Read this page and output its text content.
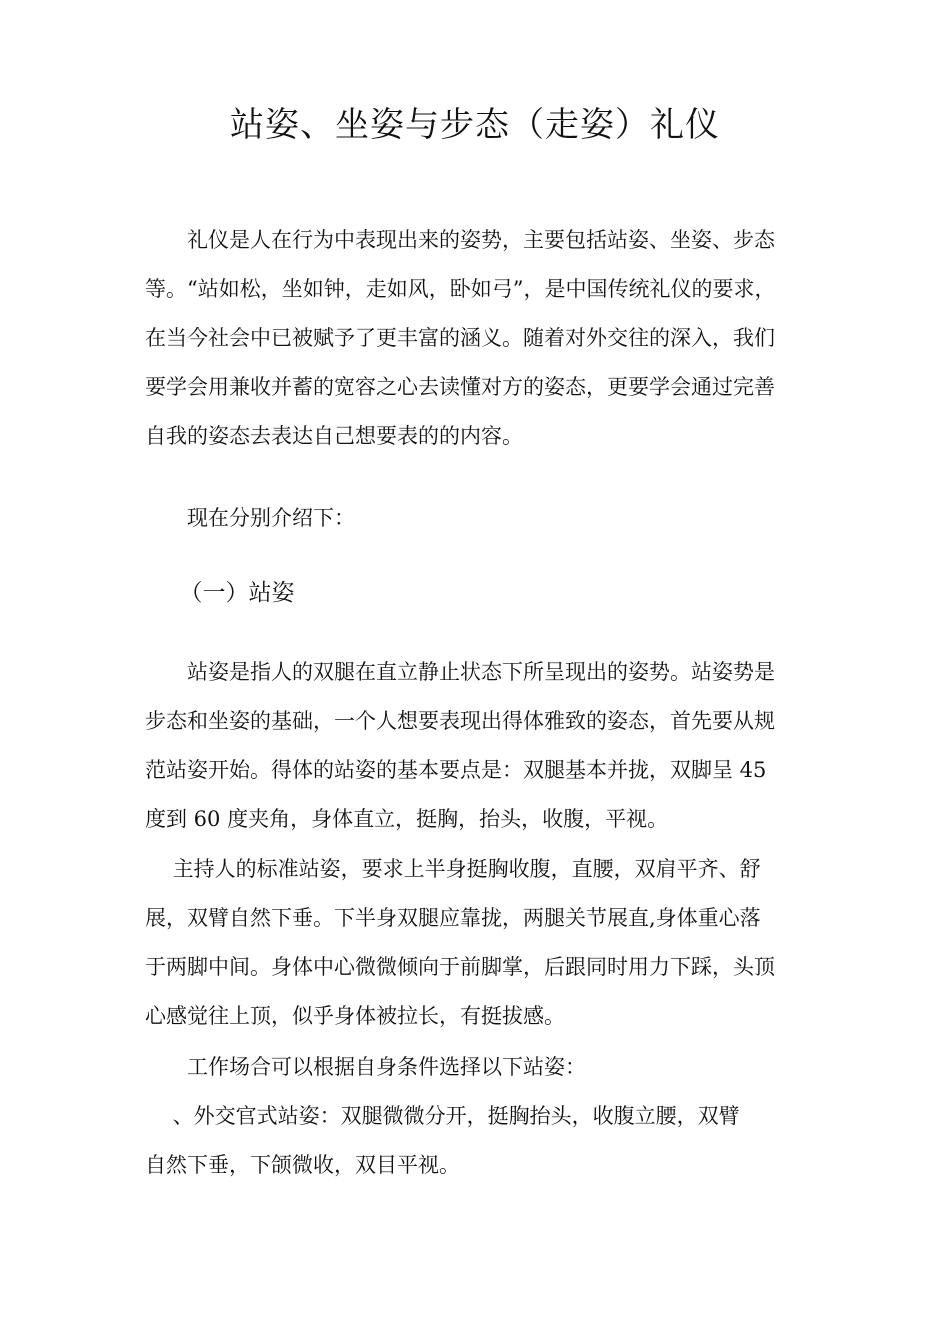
站姿、坐姿与步态（走姿）礼仪
　　礼仪是人在行为中表现出来的姿势，主要包括站姿、坐姿、步态
等。“站如松，坐如钟，走如风，卧如弓”，是中国传统礼仪的要求，
在当今社会中已被赋予了更丰富的涵义。随着对外交往的深入，我们
要学会用兼收并蓄的宽容之心去读懂对方的姿态，更要学会通过完善
自我的姿态去表达自己想要表的的内容。
　　现在分别介绍下：
　　（一）站姿
　　站姿是指人的双腿在直立静止状态下所呈现出的姿势。站姿势是
步态和坐姿的基础，一个人想要表现出得体雅致的姿态，首先要从规
范站姿开始。得体的站姿的基本要点是：双腿基本并拢，双脚呈 45
度到 60 度夹角，身体直立，挺胸，抬头，收腹，平视。
　 主持人的标准站姿，要求上半身挺胸收腹，直腰，双肩平齐、舒
展，双臂自然下垂。下半身双腿应靠拢，两腿关节展直,身体重心落
于两脚中间。身体中心微微倾向于前脚掌，后跟同时用力下踩，头顶
心感觉往上顶，似乎身体被拉长，有挺拔感。
　　工作场合可以根据自身条件选择以下站姿：
　 、外交官式站姿：双腿微微分开，挺胸抬头，收腹立腰，双臂
自然下垂，下颌微收，双目平视。
